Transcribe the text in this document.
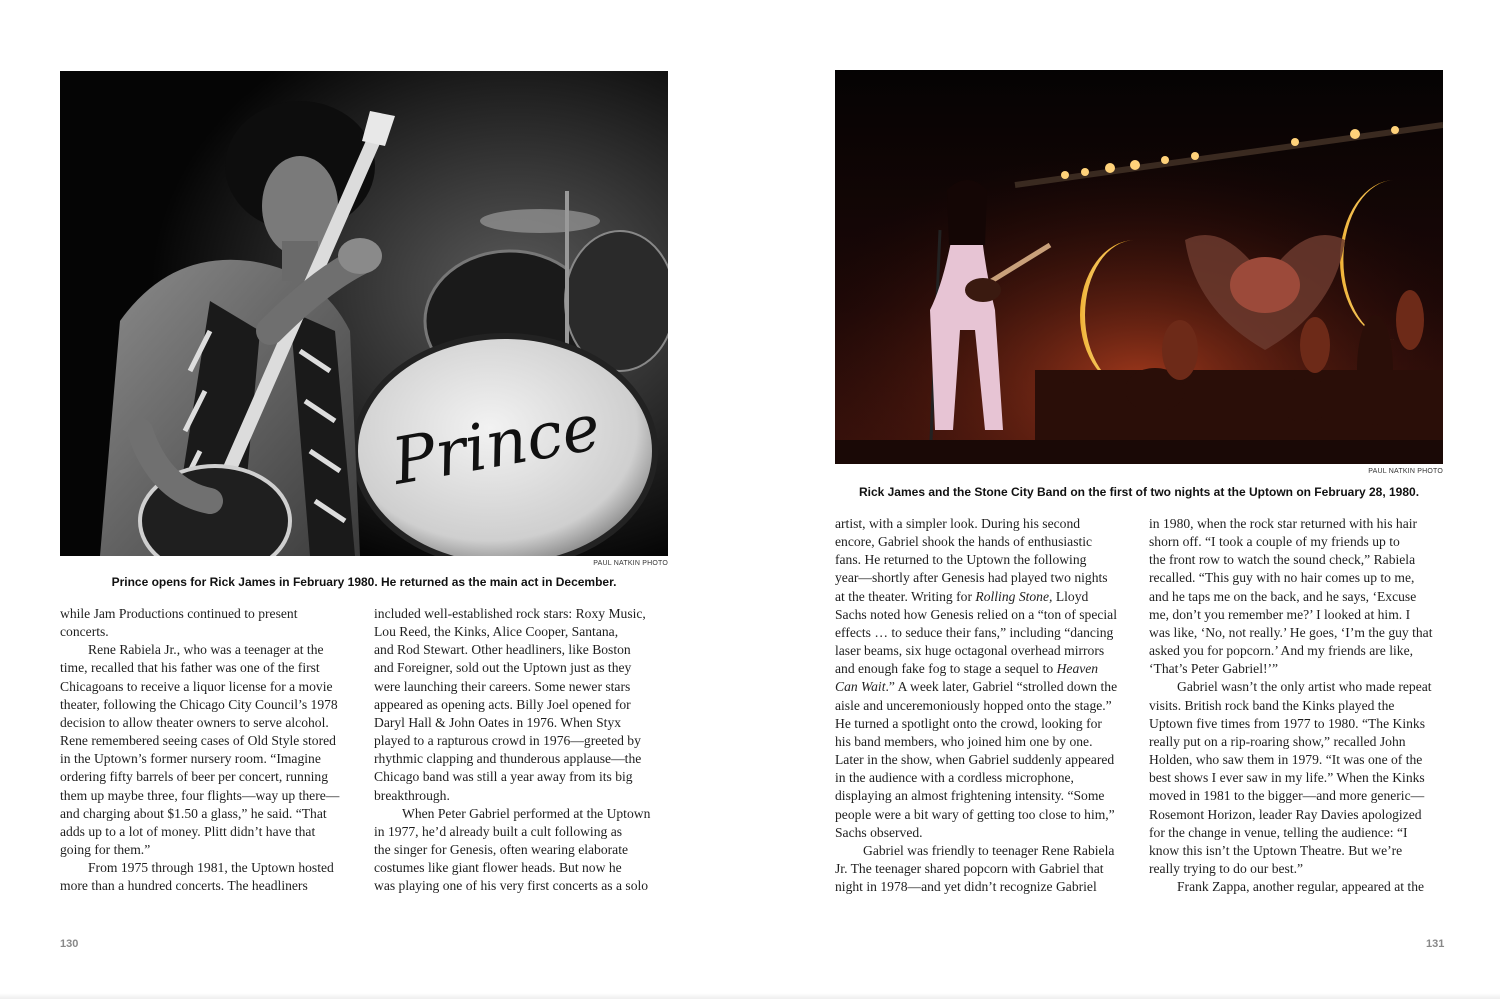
Prince
PAUL NATKIN PHOTO
Prince opens for Rick James in February 1980. He returned as the main act in December.
while Jam Productions continued to present
concerts.
Rene Rabiela Jr., who was a teenager at the
time, recalled that his father was one of the first
Chicagoans to receive a liquor license for a movie
theater, following the Chicago City Council’s 1978
decision to allow theater owners to serve alcohol.
Rene remembered seeing cases of Old Style stored
in the Uptown’s former nursery room. “Imagine
ordering fifty barrels of beer per concert, running
them up maybe three, four flights—way up there—
and charging about $1.50 a glass,” he said. “That
adds up to a lot of money. Plitt didn’t have that
going for them.”
From 1975 through 1981, the Uptown hosted
more than a hundred concerts. The headliners
included well-established rock stars: Roxy Music,
Lou Reed, the Kinks, Alice Cooper, Santana,
and Rod Stewart. Other headliners, like Boston
and Foreigner, sold out the Uptown just as they
were launching their careers. Some newer stars
appeared as opening acts. Billy Joel opened for
Daryl Hall & John Oates in 1976. When Styx
played to a rapturous crowd in 1976—greeted by
rhythmic clapping and thunderous applause—the
Chicago band was still a year away from its big
breakthrough.
When Peter Gabriel performed at the Uptown
in 1977, he’d already built a cult following as
the singer for Genesis, often wearing elaborate
costumes like giant flower heads. But now he
was playing one of his very first concerts as a solo
130
PAUL NATKIN PHOTO
Rick James and the Stone City Band on the first of two nights at the Uptown on February 28, 1980.
artist, with a simpler look. During his second
encore, Gabriel shook the hands of enthusiastic
fans. He returned to the Uptown the following
year—shortly after Genesis had played two nights
at the theater. Writing for Rolling Stone, Lloyd
Sachs noted how Genesis relied on a “ton of special
effects … to seduce their fans,” including “dancing
laser beams, six huge octagonal overhead mirrors
and enough fake fog to stage a sequel to Heaven
Can Wait.” A week later, Gabriel “strolled down the
aisle and unceremoniously hopped onto the stage.”
He turned a spotlight onto the crowd, looking for
his band members, who joined him one by one.
Later in the show, when Gabriel suddenly appeared
in the audience with a cordless microphone,
displaying an almost frightening intensity. “Some
people were a bit wary of getting too close to him,”
Sachs observed.
Gabriel was friendly to teenager Rene Rabiela
Jr. The teenager shared popcorn with Gabriel that
night in 1978—and yet didn’t recognize Gabriel
in 1980, when the rock star returned with his hair
shorn off. “I took a couple of my friends up to
the front row to watch the sound check,” Rabiela
recalled. “This guy with no hair comes up to me,
and he taps me on the back, and he says, ‘Excuse
me, don’t you remember me?’ I looked at him. I
was like, ‘No, not really.’ He goes, ‘I’m the guy that
asked you for popcorn.’ And my friends are like,
‘That’s Peter Gabriel!’”
Gabriel wasn’t the only artist who made repeat
visits. British rock band the Kinks played the
Uptown five times from 1977 to 1980. “The Kinks
really put on a rip-roaring show,” recalled John
Holden, who saw them in 1979. “It was one of the
best shows I ever saw in my life.” When the Kinks
moved in 1981 to the bigger—and more generic—
Rosemont Horizon, leader Ray Davies apologized
for the change in venue, telling the audience: “I
know this isn’t the Uptown Theatre. But we’re
really trying to do our best.”
Frank Zappa, another regular, appeared at the
131
